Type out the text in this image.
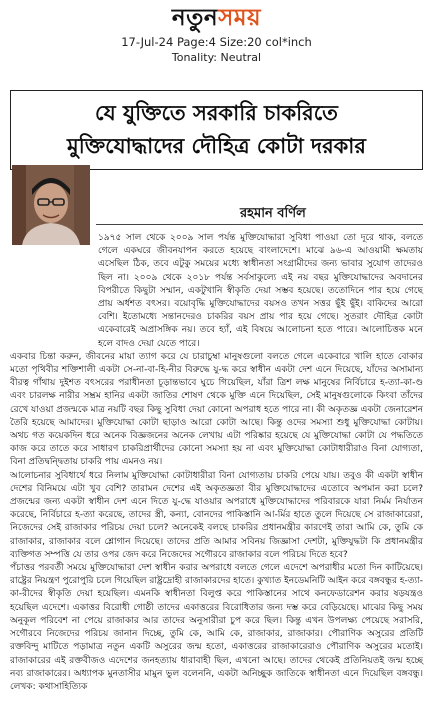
নতুনসময়
17-Jul-24 Page:4 Size:20 col*inch
Tonality: Neutral
যে যুক্তিতে সরকারি চাকরিতে
মুক্তিযোদ্ধাদের দৌহিত্র কোটা দরকার
রহমান বর্ণিল

১৯৭৫ সাল থেকে ২০০৯ সাল পর্যন্ত মুক্তিযোদ্ধারা সুবিধা পাওয়া তো দূরে থাক, বলতে গেলে একঘরে জীবনযাপন করতে হয়েছে বাংলাদেশে। মাঝে ৯৬-এ আওয়ামী ক্ষমতায় এসেছিল ঠিক, তবে এটুকু সময়ের মধ্যে স্বাধীনতা সংগ্রামীদের জন্য ভাবার সুযোগ তাদেরও ছিল না। ২০০৯ থেকে ২০১৮ পর্যন্ত সর্বসাকুল্যে এই নয় বছর মুক্তিযোদ্ধাদের অবদানের বিপরীতে কিছুটা সম্মান, একটুখানি স্বীকৃতি দেয়া সম্ভব হয়েছে। ততোদিনে পার হয়ে গেছে প্রায় অর্ধশত বৎসর। বয়োবৃদ্ধি মুক্তিযোদ্ধাদের বয়সও তখন সত্তর ছুঁই ছুঁই। বাকিদের আরো বেশি। ইতোমধ্যে সন্তানদেরও চাকরির বয়স প্রায় পার হয়ে গেছে। সুতরাং দৌহিত্র কোটা একেবারেই অপ্রাসঙ্গিক নয়। তবে হ্যাঁ, এই বিষয়ে আলোচনা হতে পারে। আলোচিত্তক মনে হলে বাদও দেয়া যেতে পারে।

একবার চিন্তা করুন, জীবনের মায়া ত্যাগ করে যে চারাচুম্বা মানুষগুলো বলতে গেলে একেবারে খালি হাতে বোকার মতো পৃথিবীর শক্তিশালী একটা সে-না-বা-হি-নীর বিরুদ্ধে যু-দ্ধ করে স্বাধীন একটা দেশ এনে দিয়েছে, যাঁদের অসামান্য বীরত্ব গাঁথায় দুইশত বৎসরের পরাধীনতা চূড়ান্তভাবে ঘুচে গিয়েছিল, যাঁরা ত্রিশ লক্ষ মানুষের নির্বিচারে হ-ত্যা-কা-ণ্ড এবং চারলক্ষ নারীর সম্ভ্রম হানির একটা জাতির শোষণ থেকে মুক্তি এনে দিয়েছিল, সেই মানুষগুলোকে কিংবা তাঁদের রেখে যাওয়া প্রজন্মকে মাত্র নয়টি বছর কিছু সুবিধা দেয়া কোনো অপরাধ হতে পারে না। কী অকৃতজ্ঞ একটা জেনারেশন তৈরি হয়েছে আমাদের। মুক্তিযোদ্ধা কোটা ছাড়াও আরো কোটা আছে। কিন্তু ওদের সমস্যা শুধু মুক্তিযোদ্ধা কোটায়। অথচ গত কয়েকদিন ধরে অনেক বিজ্ঞজনের অনেক লেখায় এটা পরিষ্কার হয়েছে যে মুক্তিযোদ্ধা কোটা যে পদ্ধতিতে কাজ করে তাতে করে সাধারণ চাকরিপ্রার্থীদের কোনো সমস্যা হয় না এবং মুক্তিযোদ্ধা কোটাধারীরাও বিনা যোগ্যতা, বিনা প্রতিদ্বন্দ্বিতায় চাকরি পায় এমনও নয়।

আলোচনার সুবিধার্থে ধরে নিলাম মুক্তিযোদ্ধা কোটাধারীরা বিনা যোগ্যতায় চাকরি পেয়ে যায়। তবুও কী একটা স্বাধীন দেশের বিনিময়ে এটা খুব বেশি? তারামন দেশের এই অকৃতজ্ঞতা বীর মুক্তিযোদ্ধাদের এতোবে অপমান করা চলে? প্রজন্মের জন্য একটা স্বাধীন দেশ এনে দিতে যু-দ্ধে যাওয়ার অপরাধে মুক্তিযোদ্ধাদের পরিবারকে যারা নির্মম নির্যাতন করেছে, নির্বিচারে হ-ত্যা করেছে, তাদের স্ত্রী, কন্যা, বোনদের পাকিস্তানি আ-র্মির হাতে তুলে দিয়েছে সে রাজাকারেরা, নিজেদের সেই রাজাকার পরিচয় দেয়া চলে? অনেকেই বলছে চাকরির প্রধানমন্ত্রীর কারণেই তারা আমি কে, তুমি কে রাজাকার, রাজাকার বলে শ্লোগান দিয়েছে। তাদের প্রতি আমার সবিনয় জিজ্ঞাসা দেশটা, মুক্তিযুদ্ধটা কি প্রধানমন্ত্রীর ব্যক্তিগত সম্পত্তি যে তার ওপর জেদ করে নিজেদের সগৌরবে রাজাকার বলে পরিচয় দিতে হবে?

পঁচাত্তর পরবর্তী সময়ে মুক্তিযোদ্ধারা দেশ স্বাধীন করার অপরাধে বলতে গেলে এদেশে অপরাধীর মতো দিন কাটিয়েছে। রাষ্ট্রের নিয়ন্ত্রণ পুরোপুরি চলে গিয়েছিল রাষ্ট্রদ্রোহী রাজাকারদের হাতে। কুখ্যাত ইনডেমনিটি আইন করে বঙ্গবন্ধুর হ-ত্যা-কা-রীদের স্বীকৃতি দেয়া হয়েছিল। এমনকি স্বাধীনতা বিলুপ্ত করে পাকিস্তানের সাথে কনফেডারেশন করার ষড়যন্ত্রও হয়েছিল এদেশে। একাত্তর বিরোধী গোষ্ঠী তাদের একাত্তরের বিরোধিতার জন্য দম্ভ করে বেড়িয়েছে। মাঝের কিছু সময় অনুকূল পরিবেশ না পেয়ে রাজাকার আর তাদের অনুসারীরা চুপ করে ছিল। কিন্তু এখন উপলক্ষ্য পেয়েছে সরাসরি, সগৌরবে নিজেদের পরিচয় জানান দিচ্ছে, তুমি কে, আমি কে, রাজাকার, রাজাকার। পৌরাণিক অসুরের প্রতিটি রক্তবিন্দু মাটিতে পড়ামাত্র নতুন একটি অসুরের জন্ম হতো, একাত্তরের রাজাকারেরাও পৌরাণিক অসুরের মতোই। রাজাকারের এই রক্তবীজও এদেশের জনহত্যায় ধারাবাহী ছিল, এখনো আছে। তাদের থেকেই প্রতিনিয়তই জন্ম হচ্ছে নব্য রাজাকারের। অধ্যাপক মুনতাসীর মামুন ভুল বলেননি, একটা অনিচ্ছুক জাতিকে স্বাধীনতা এনে দিয়েছিল বঙ্গবন্ধু। লেখক: কথাসাহিত্যিক
